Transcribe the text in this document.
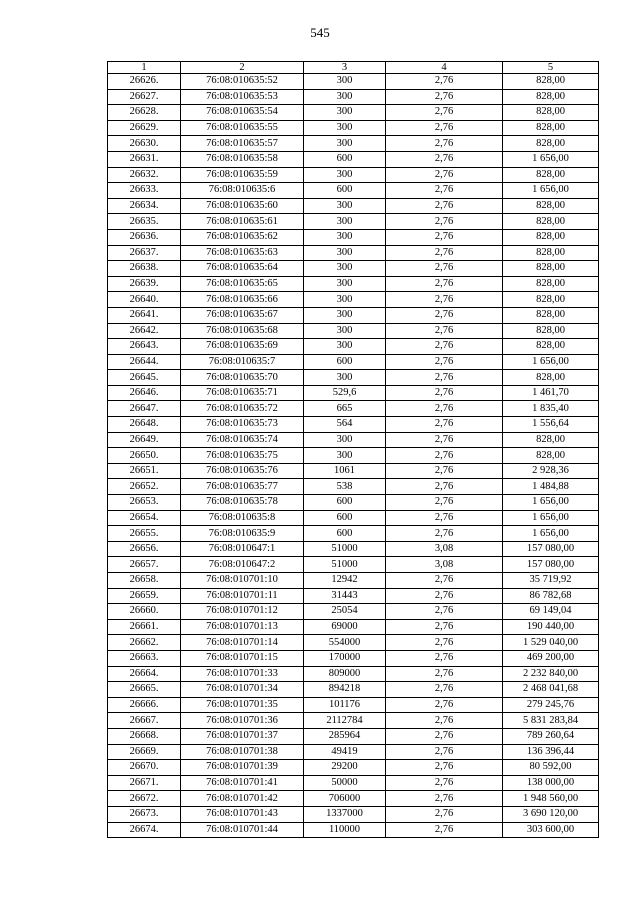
545
1	2	3	4	5
26626.	76:08:010635:52	300	2,76	828,00
26627.	76:08:010635:53	300	2,76	828,00
26628.	76:08:010635:54	300	2,76	828,00
26629.	76:08:010635:55	300	2,76	828,00
26630.	76:08:010635:57	300	2,76	828,00
26631.	76:08:010635:58	600	2,76	1 656,00
26632.	76:08:010635:59	300	2,76	828,00
26633.	76:08:010635:6	600	2,76	1 656,00
26634.	76:08:010635:60	300	2,76	828,00
26635.	76:08:010635:61	300	2,76	828,00
26636.	76:08:010635:62	300	2,76	828,00
26637.	76:08:010635:63	300	2,76	828,00
26638.	76:08:010635:64	300	2,76	828,00
26639.	76:08:010635:65	300	2,76	828,00
26640.	76:08:010635:66	300	2,76	828,00
26641.	76:08:010635:67	300	2,76	828,00
26642.	76:08:010635:68	300	2,76	828,00
26643.	76:08:010635:69	300	2,76	828,00
26644.	76:08:010635:7	600	2,76	1 656,00
26645.	76:08:010635:70	300	2,76	828,00
26646.	76:08:010635:71	529,6	2,76	1 461,70
26647.	76:08:010635:72	665	2,76	1 835,40
26648.	76:08:010635:73	564	2,76	1 556,64
26649.	76:08:010635:74	300	2,76	828,00
26650.	76:08:010635:75	300	2,76	828,00
26651.	76:08:010635:76	1061	2,76	2 928,36
26652.	76:08:010635:77	538	2,76	1 484,88
26653.	76:08:010635:78	600	2,76	1 656,00
26654.	76:08:010635:8	600	2,76	1 656,00
26655.	76:08:010635:9	600	2,76	1 656,00
26656.	76:08:010647:1	51000	3,08	157 080,00
26657.	76:08:010647:2	51000	3,08	157 080,00
26658.	76:08:010701:10	12942	2,76	35 719,92
26659.	76:08:010701:11	31443	2,76	86 782,68
26660.	76:08:010701:12	25054	2,76	69 149,04
26661.	76:08:010701:13	69000	2,76	190 440,00
26662.	76:08:010701:14	554000	2,76	1 529 040,00
26663.	76:08:010701:15	170000	2,76	469 200,00
26664.	76:08:010701:33	809000	2,76	2 232 840,00
26665.	76:08:010701:34	894218	2,76	2 468 041,68
26666.	76:08:010701:35	101176	2,76	279 245,76
26667.	76:08:010701:36	2112784	2,76	5 831 283,84
26668.	76:08:010701:37	285964	2,76	789 260,64
26669.	76:08:010701:38	49419	2,76	136 396,44
26670.	76:08:010701:39	29200	2,76	80 592,00
26671.	76:08:010701:41	50000	2,76	138 000,00
26672.	76:08:010701:42	706000	2,76	1 948 560,00
26673.	76:08:010701:43	1337000	2,76	3 690 120,00
26674.	76:08:010701:44	110000	2,76	303 600,00
